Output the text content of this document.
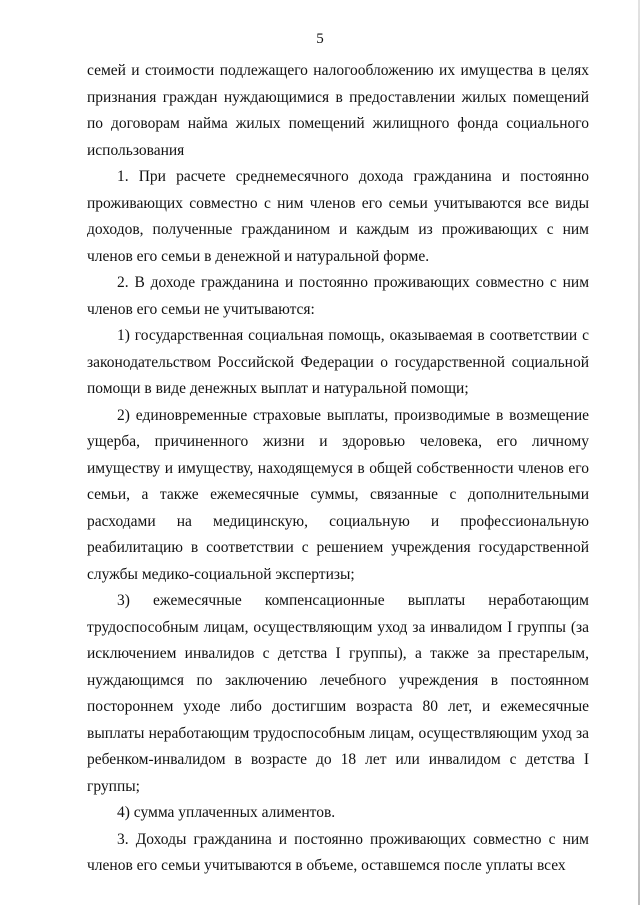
5

семей и стоимости подлежащего налогообложению их имущества в целях признания граждан нуждающимися в предоставлении жилых помещений по договорам найма жилых помещений жилищного фонда социального использования

1. При расчете среднемесячного дохода гражданина и постоянно проживающих совместно с ним членов его семьи учитываются все виды доходов, полученные гражданином и каждым из проживающих с ним членов его семьи в денежной и натуральной форме.

2. В доходе гражданина и постоянно проживающих совместно с ним членов его семьи не учитываются:

1) государственная социальная помощь, оказываемая в соответствии с законодательством Российской Федерации о государственной социальной помощи в виде денежных выплат и натуральной помощи;

2) единовременные страховые выплаты, производимые в возмещение ущерба, причиненного жизни и здоровью человека, его личному имуществу и имуществу, находящемуся в общей собственности членов его семьи, а также ежемесячные суммы, связанные с дополнительными расходами на медицинскую, социальную и профессиональную реабилитацию в соответствии с решением учреждения государственной службы медико-социальной экспертизы;

3) ежемесячные компенсационные выплаты неработающим трудоспособным лицам, осуществляющим уход за инвалидом I группы (за исключением инвалидов с детства I группы), а также за престарелым, нуждающимся по заключению лечебного учреждения в постоянном постороннем уходе либо достигшим возраста 80 лет, и ежемесячные выплаты неработающим трудоспособным лицам, осуществляющим уход за ребенком-инвалидом в возрасте до 18 лет или инвалидом с детства I группы;

4) сумма уплаченных алиментов.

3. Доходы гражданина и постоянно проживающих совместно с ним членов его семьи учитываются в объеме, оставшемся после уплаты всех
